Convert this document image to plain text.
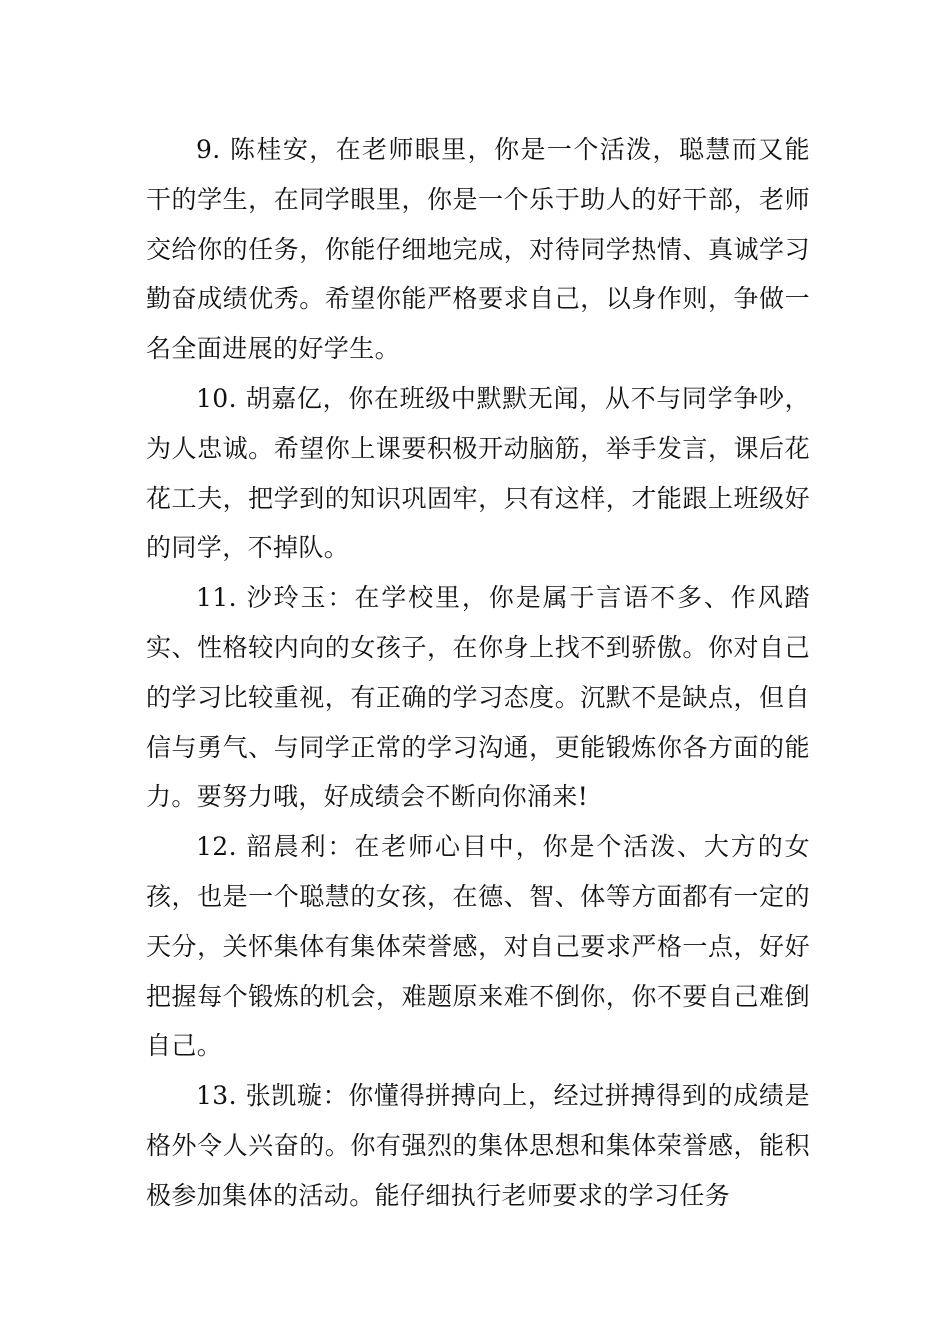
9. 陈桂安，在老师眼里，你是一个活泼，聪慧而又能干的学生，在同学眼里，你是一个乐于助人的好干部，老师交给你的任务，你能仔细地完成，对待同学热情、真诚学习勤奋成绩优秀。希望你能严格要求自己，以身作则，争做一名全面进展的好学生。

10. 胡嘉亿，你在班级中默默无闻，从不与同学争吵，为人忠诚。希望你上课要积极开动脑筋，举手发言，课后花花工夫，把学到的知识巩固牢，只有这样，才能跟上班级好的同学，不掉队。

11. 沙玲玉：在学校里，你是属于言语不多、作风踏实、性格较内向的女孩子，在你身上找不到骄傲。你对自己的学习比较重视，有正确的学习态度。沉默不是缺点，但自信与勇气、与同学正常的学习沟通，更能锻炼你各方面的能力。要努力哦，好成绩会不断向你涌来!

12. 韶晨利：在老师心目中，你是个活泼、大方的女孩，也是一个聪慧的女孩，在德、智、体等方面都有一定的天分，关怀集体有集体荣誉感，对自己要求严格一点，好好把握每个锻炼的机会，难题原来难不倒你，你不要自己难倒自己。

13. 张凯璇：你懂得拼搏向上，经过拼搏得到的成绩是格外令人兴奋的。你有强烈的集体思想和集体荣誉感，能积极参加集体的活动。能仔细执行老师要求的学习任务
